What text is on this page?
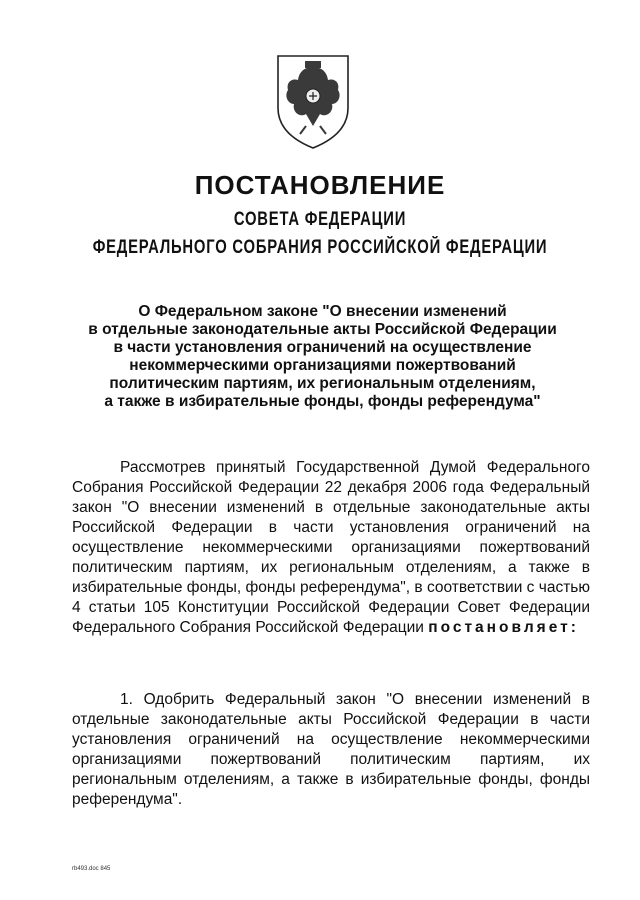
ПОСТАНОВЛЕНИЕ
СОВЕТА ФЕДЕРАЦИИ
ФЕДЕРАЛЬНОГО СОБРАНИЯ РОССИЙСКОЙ ФЕДЕРАЦИИ
О Федеральном законе "О внесении изменений
в отдельные законодательные акты Российской Федерации
в части установления ограничений на осуществление
некоммерческими организациями пожертвований
политическим партиям, их региональным отделениям,
а также в избирательные фонды, фонды референдума"
Рассмотрев принятый Государственной Думой Федерального Собрания Российской Федерации 22 декабря 2006 года Федеральный закон "О внесении изменений в отдельные законодательные акты Российской Федерации в части установления ограничений на осуществление некоммерческими организациями пожертвований политическим партиям, их региональным отделениям, а также в избирательные фонды, фонды референдума", в соответствии с частью 4 статьи 105 Конституции Российской Федерации Совет Федерации Федерального Собрания Российской Федерации постановляет:
1. Одобрить Федеральный закон "О внесении изменений в отдельные законодательные акты Российской Федерации в части установления ограничений на осуществление некоммерческими организациями пожертвований политическим партиям, их региональным отделениям, а также в избирательные фонды, фонды референдума".
rb493.doc 845
